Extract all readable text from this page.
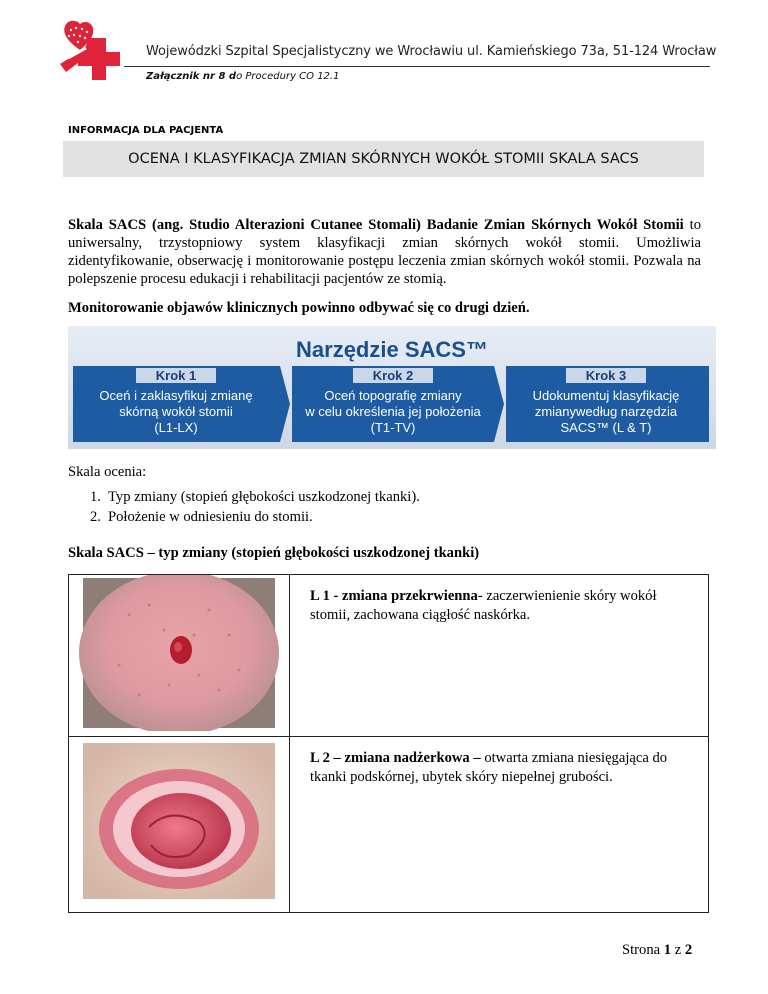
Wojewódzki Szpital Specjalistyczny we Wrocławiu ul. Kamieńskiego 73a, 51-124 Wrocław
Załącznik nr 8 do Procedury CO 12.1
INFORMACJA DLA PACJENTA
OCENA I KLASYFIKACJA ZMIAN SKÓRNYCH WOKÓŁ STOMII SKALA SACS
Skala SACS (ang. Studio Alterazioni Cutanee Stomali) Badanie Zmian Skórnych Wokół Stomii to uniwersalny, trzystopniowy system klasyfikacji zmian skórnych wokół stomii. Umożliwia zidentyfikowanie, obserwację i monitorowanie postępu leczenia zmian skórnych wokół stomii. Pozwala na polepszenie procesu edukacji i rehabilitacji pacjentów ze stomią.
Monitorowanie objawów klinicznych powinno odbywać się co drugi dzień.
Narzędzie SACS™
Krok 1
Oceń i zaklasyfikuj zmianę
skórną wokół stomii
(L1-LX)
Krok 2
Oceń topografię zmiany
w celu określenia jej położenia
(T1-TV)
Krok 3
Udokumentuj klasyfikację
zmianywedług narzędzia
SACS™ (L & T)
Skala ocenia:
1. Typ zmiany (stopień głębokości uszkodzonej tkanki).
2. Położenie w odniesieniu do stomii.
Skala SACS – typ zmiany (stopień głębokości uszkodzonej tkanki)
	L 1 - zmiana przekrwienna- zaczerwienienie skóry wokół stomii, zachowana ciągłość naskórka.
	L 2 – zmiana nadżerkowa – otwarta zmiana niesięgająca do tkanki podskórnej, ubytek skóry niepełnej grubości.
Strona 1 z 2
